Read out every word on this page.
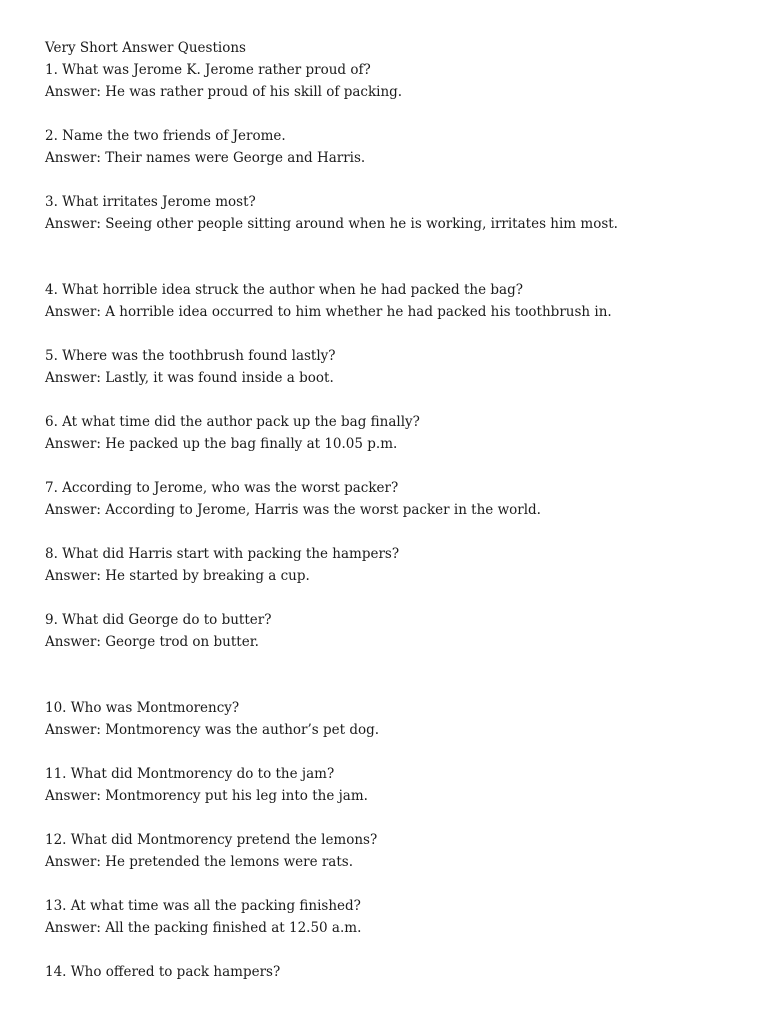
Very Short Answer Questions
1. What was Jerome K. Jerome rather proud of?
Answer: He was rather proud of his skill of packing.
2. Name the two friends of Jerome.
Answer: Their names were George and Harris.
3. What irritates Jerome most?
Answer: Seeing other people sitting around when he is working, irritates him most.
4. What horrible idea struck the author when he had packed the bag?
Answer: A horrible idea occurred to him whether he had packed his toothbrush in.
5. Where was the toothbrush found lastly?
Answer: Lastly, it was found inside a boot.
6. At what time did the author pack up the bag finally?
Answer: He packed up the bag finally at 10.05 p.m.
7. According to Jerome, who was the worst packer?
Answer: According to Jerome, Harris was the worst packer in the world.
8. What did Harris start with packing the hampers?
Answer: He started by breaking a cup.
9. What did George do to butter?
Answer: George trod on butter.
10. Who was Montmorency?
Answer: Montmorency was the author’s pet dog.
11. What did Montmorency do to the jam?
Answer: Montmorency put his leg into the jam.
12. What did Montmorency pretend the lemons?
Answer: He pretended the lemons were rats.
13. At what time was all the packing finished?
Answer: All the packing finished at 12.50 a.m.
14. Who offered to pack hampers?
